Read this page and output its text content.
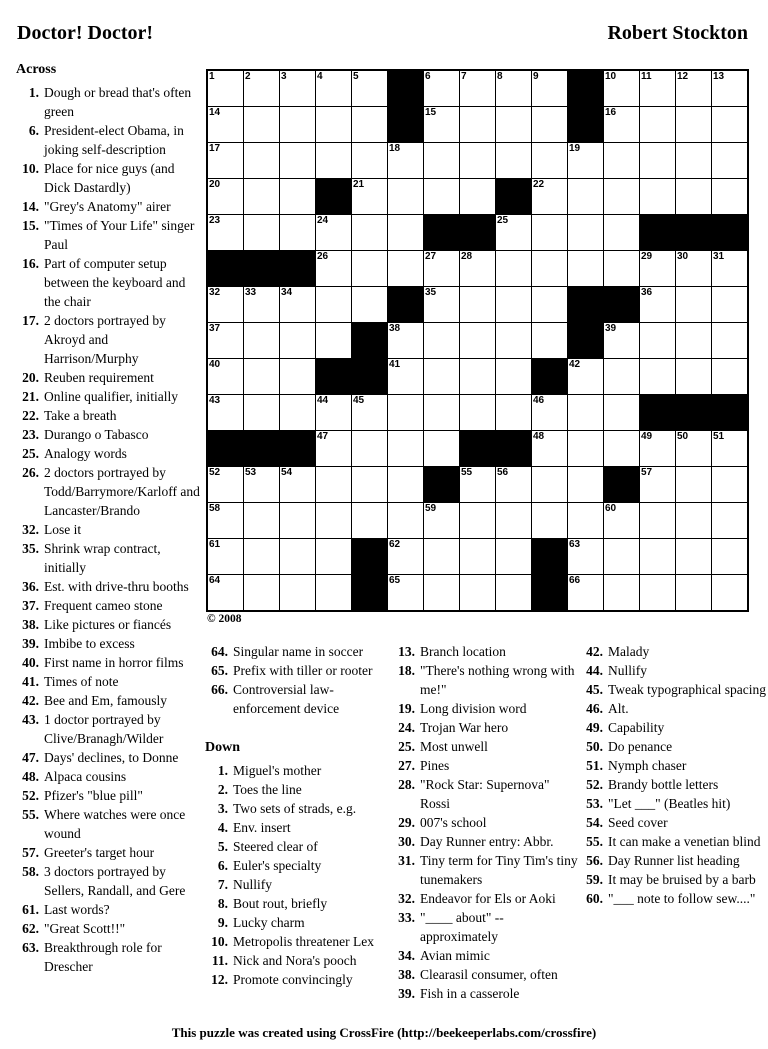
Doctor! Doctor!	Robert Stockton
Across
1. Dough or bread that's often green
6. President-elect Obama, in joking self-description
10. Place for nice guys (and Dick Dastardly)
14. "Grey's Anatomy" airer
15. "Times of Your Life" singer Paul
16. Part of computer setup between the keyboard and the chair
17. 2 doctors portrayed by Akroyd and Harrison/Murphy
20. Reuben requirement
21. Online qualifier, initially
22. Take a breath
23. Durango o Tabasco
25. Analogy words
26. 2 doctors portrayed by Todd/Barrymore/Karloff and Lancaster/Brando
32. Lose it
35. Shrink wrap contract, initially
36. Est. with drive-thru booths
37. Frequent cameo stone
38. Like pictures or fiancés
39. Imbibe to excess
40. First name in horror films
41. Times of note
42. Bee and Em, famously
43. 1 doctor portrayed by Clive/Branagh/Wilder
47. Days' declines, to Donne
48. Alpaca cousins
52. Pfizer's "blue pill"
55. Where watches were once wound
57. Greeter's target hour
58. 3 doctors portrayed by Sellers, Randall, and Gere
61. Last words?
62. "Great Scott!!"
63. Breakthrough role for Drescher
1	2	3	4	5	6	7	8	9	10 11	12 13
14	15	16
17	18	19
20	21	22
23	24	25
26	27 28	29 30 31
32 33 34	35	36
37	38	39
40	41	42
43	44 45	46
47	48	49 50 51
52 53 54	55 56	57
58	59	60
61	62	63
64	65	66
© 2008
64. Singular name in soccer
65. Prefix with tiller or rooter
66. Controversial law-enforcement device
Down
1. Miguel's mother
2. Toes the line
3. Two sets of strads, e.g.
4. Env. insert
5. Steered clear of
6. Euler's specialty
7. Nullify
8. Bout rout, briefly
9. Lucky charm
10. Metropolis threatener Lex
11. Nick and Nora's pooch
12. Promote convincingly
13. Branch location
18. "There's nothing wrong with me!"
19. Long division word
24. Trojan War hero
25. Most unwell
27. Pines
28. "Rock Star: Supernova" Rossi
29. 007's school
30. Day Runner entry: Abbr.
31. Tiny term for Tiny Tim's tiny tunemakers
32. Endeavor for Els or Aoki
33. "____ about" -- approximately
34. Avian mimic
38. Clearasil consumer, often
39. Fish in a casserole
42. Malady
44. Nullify
45. Tweak typographical spacing
46. Alt.
49. Capability
50. Do penance
51. Nymph chaser
52. Brandy bottle letters
53. "Let ___" (Beatles hit)
54. Seed cover
55. It can make a venetian blind
56. Day Runner list heading
59. It may be bruised by a barb
60. "___ note to follow sew...."
This puzzle was created using CrossFire (http://beekeeperlabs.com/crossfire)
